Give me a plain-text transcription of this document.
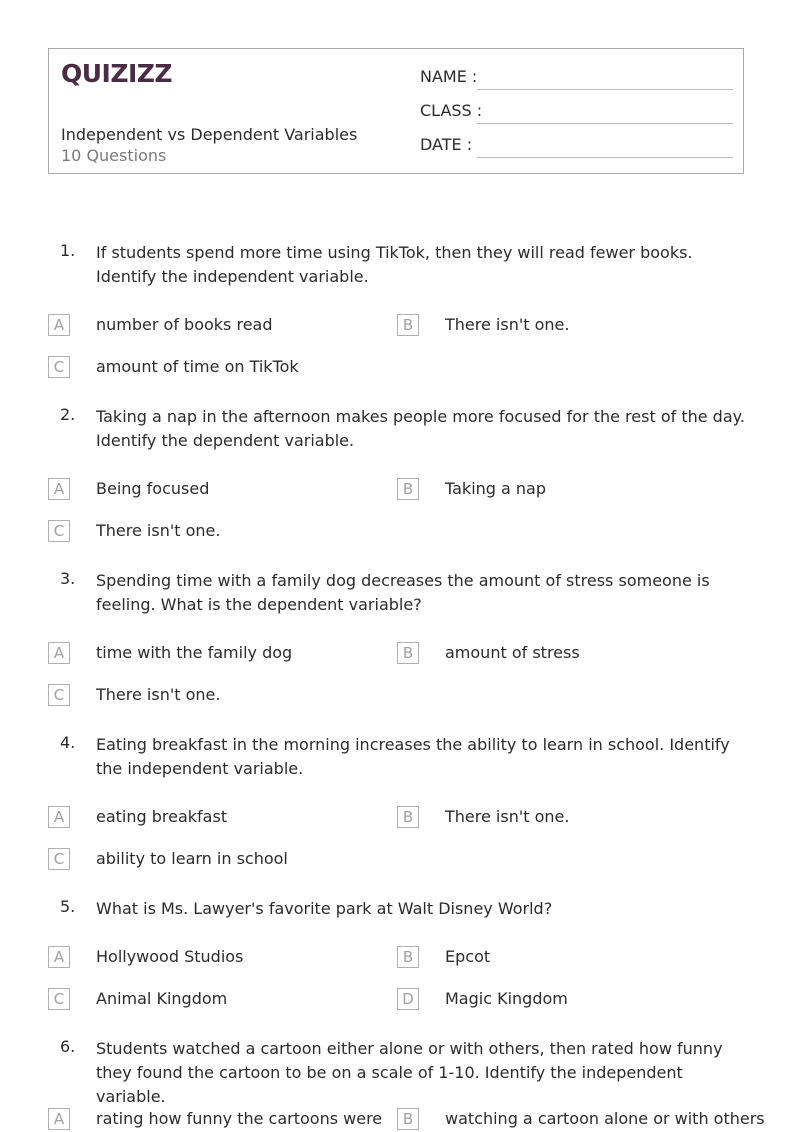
QUIZIZZ
Independent vs Dependent Variables
10 Questions
NAME :
CLASS :
DATE :
1. If students spend more time using TikTok, then they will read fewer books. Identify the independent variable.
A	number of books read	B	There isn't one.
C	amount of time on TikTok
2. Taking a nap in the afternoon makes people more focused for the rest of the day. Identify the dependent variable.
A	Being focused	B	Taking a nap
C	There isn't one.
3. Spending time with a family dog decreases the amount of stress someone is feeling. What is the dependent variable?
A	time with the family dog	B	amount of stress
C	There isn't one.
4. Eating breakfast in the morning increases the ability to learn in school. Identify the independent variable.
A	eating breakfast	B	There isn't one.
C	ability to learn in school
5. What is Ms. Lawyer's favorite park at Walt Disney World?
A	Hollywood Studios	B	Epcot
C	Animal Kingdom	D	Magic Kingdom
6. Students watched a cartoon either alone or with others, then rated how funny they found the cartoon to be on a scale of 1-10. Identify the independent variable.
A	rating how funny the cartoons were	B	watching a cartoon alone or with others
